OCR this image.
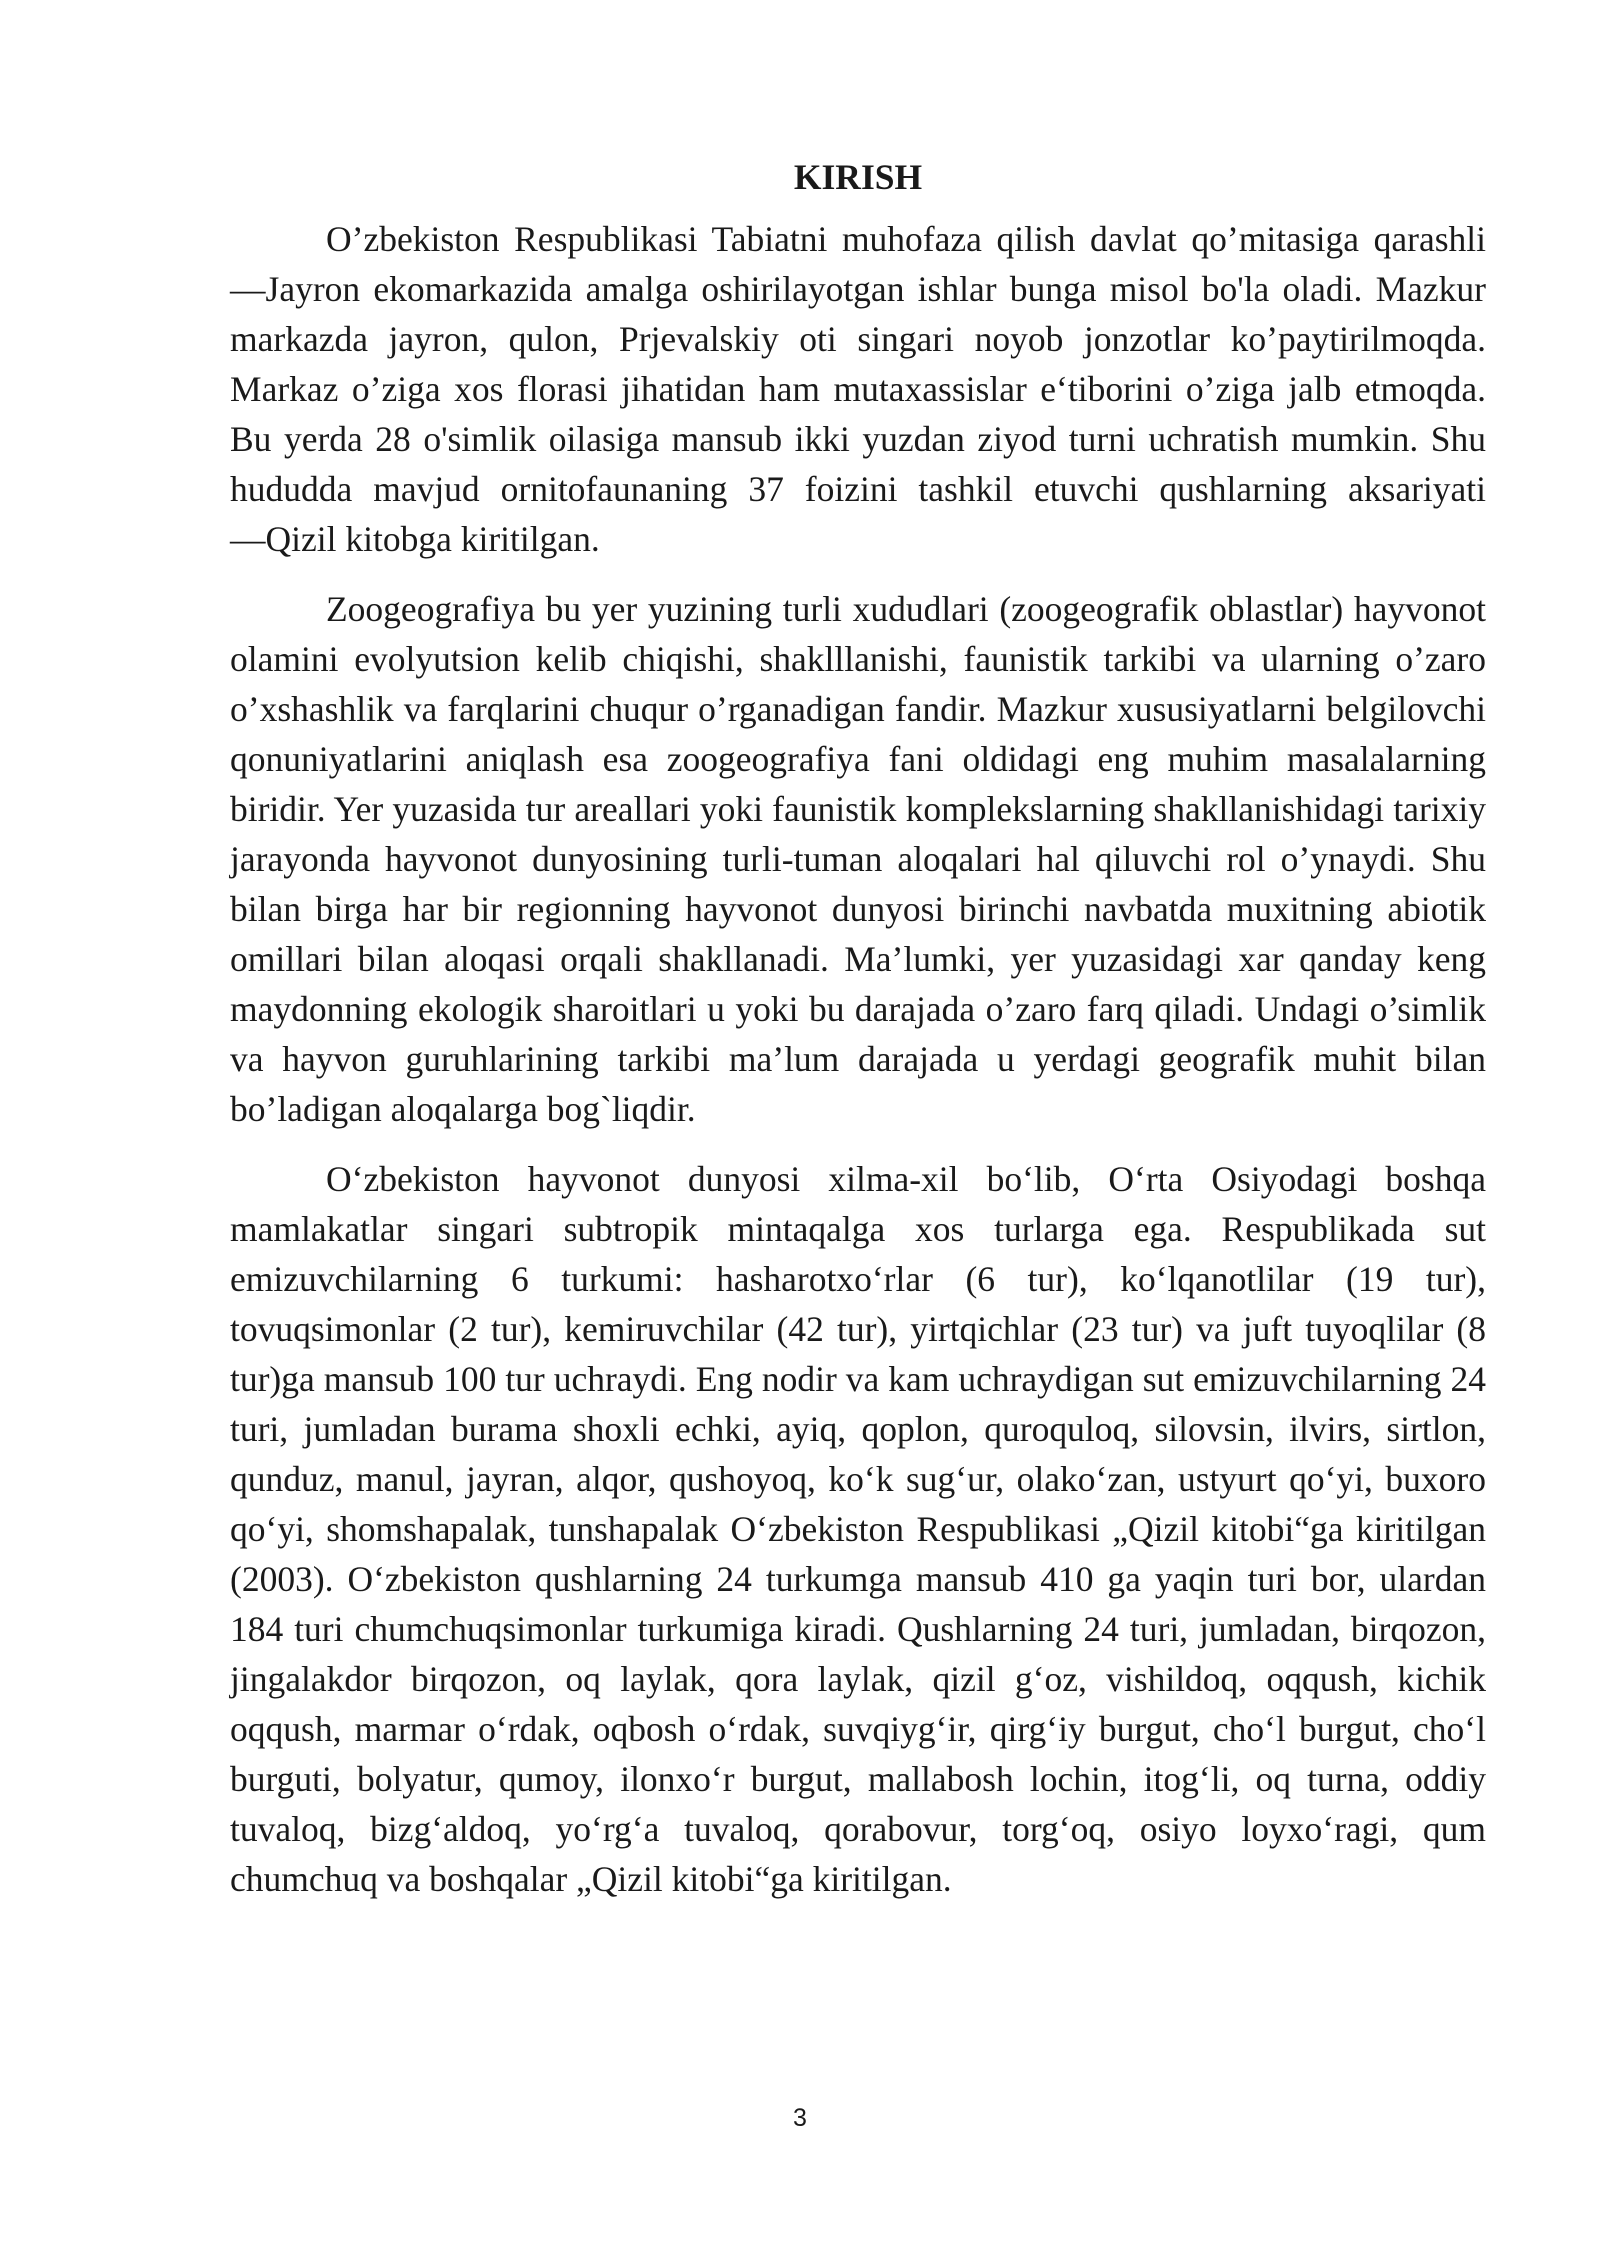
KIRISH

O’zbekiston Respublikasi Tabiatni muhofaza qilish davlat qo’mitasiga qarashli ―Jayron ekomarkazida amalga oshirilayotgan ishlar bunga misol bo'la oladi. Mazkur markazda jayron, qulon, Prjevalskiy oti singari noyob jonzotlar ko’paytirilmoqda. Markaz o’ziga xos florasi jihatidan ham mutaxassislar e‘tiborini o’ziga jalb etmoqda. Bu yerda 28 o'simlik oilasiga mansub ikki yuzdan ziyod turni uchratish mumkin. Shu hududda mavjud ornitofaunaning 37 foizini tashkil etuvchi qushlarning aksariyati ―Qizil kitobga kiritilgan.

Zoogeografiya bu yer yuzining turli xududlari (zoogeografik oblastlar) hayvonot olamini evolyutsion kelib chiqishi, shaklllanishi, faunistik tarkibi va ularning o’zaro o’xshashlik va farqlarini chuqur o’rganadigan fandir. Mazkur xususiyatlarni belgilovchi qonuniyatlarini aniqlash esa zoogeografiya fani oldidagi eng muhim masalalarning biridir. Yer yuzasida tur areallari yoki faunistik komplekslarning shakllanishidagi tarixiy jarayonda hayvonot dunyosining turli-tuman aloqalari hal qiluvchi rol o’ynaydi. Shu bilan birga har bir regionning hayvonot dunyosi birinchi navbatda muxitning abiotik omillari bilan aloqasi orqali shakllanadi. Ma’lumki, yer yuzasidagi xar qanday keng maydonning ekologik sharoitlari u yoki bu darajada o’zaro farq qiladi. Undagi o’simlik va hayvon guruhlarining tarkibi ma’lum darajada u yerdagi geografik muhit bilan bo’ladigan aloqalarga bog`liqdir.

O‘zbekiston hayvonot dunyosi xilma-xil bo‘lib, O‘rta Osiyodagi boshqa mamlakatlar singari subtropik mintaqalga xos turlarga ega. Respublikada sut emizuvchilarning 6 turkumi: hasharotxo‘rlar (6 tur), ko‘lqanotlilar (19 tur), tovuqsimonlar (2 tur), kemiruvchilar (42 tur), yirtqichlar (23 tur) va juft tuyoqlilar (8 tur)ga mansub 100 tur uchraydi. Eng nodir va kam uchraydigan sut emizuvchilarning 24 turi, jumladan burama shoxli echki, ayiq, qoplon, quroquloq, silovsin, ilvirs, sirtlon, qunduz, manul, jayran, alqor, qushoyoq, ko‘k sug‘ur, olako‘zan, ustyurt qo‘yi, buxoro qo‘yi, shomshapalak, tunshapalak O‘zbekiston Respublikasi „Qizil kitobi“ga kiritilgan (2003). O‘zbekiston qushlarning 24 turkumga mansub 410 ga yaqin turi bor, ulardan 184 turi chumchuqsimonlar turkumiga kiradi. Qushlarning 24 turi, jumladan, birqozon, jingalakdor birqozon, oq laylak, qora laylak, qizil g‘oz, vishildoq, oqqush, kichik oqqush, marmar o‘rdak, oqbosh o‘rdak, suvqiyg‘ir, qirg‘iy burgut, cho‘l burgut, cho‘l burguti, bolyatur, qumoy, ilonxo‘r burgut, mallabosh lochin, itog‘li, oq turna, oddiy tuvaloq, bizg‘aldoq, yo‘rg‘a tuvaloq, qorabovur, torg‘oq, osiyo loyxo‘ragi, qum chumchuq va boshqalar „Qizil kitobi“ga kiritilgan.

3
